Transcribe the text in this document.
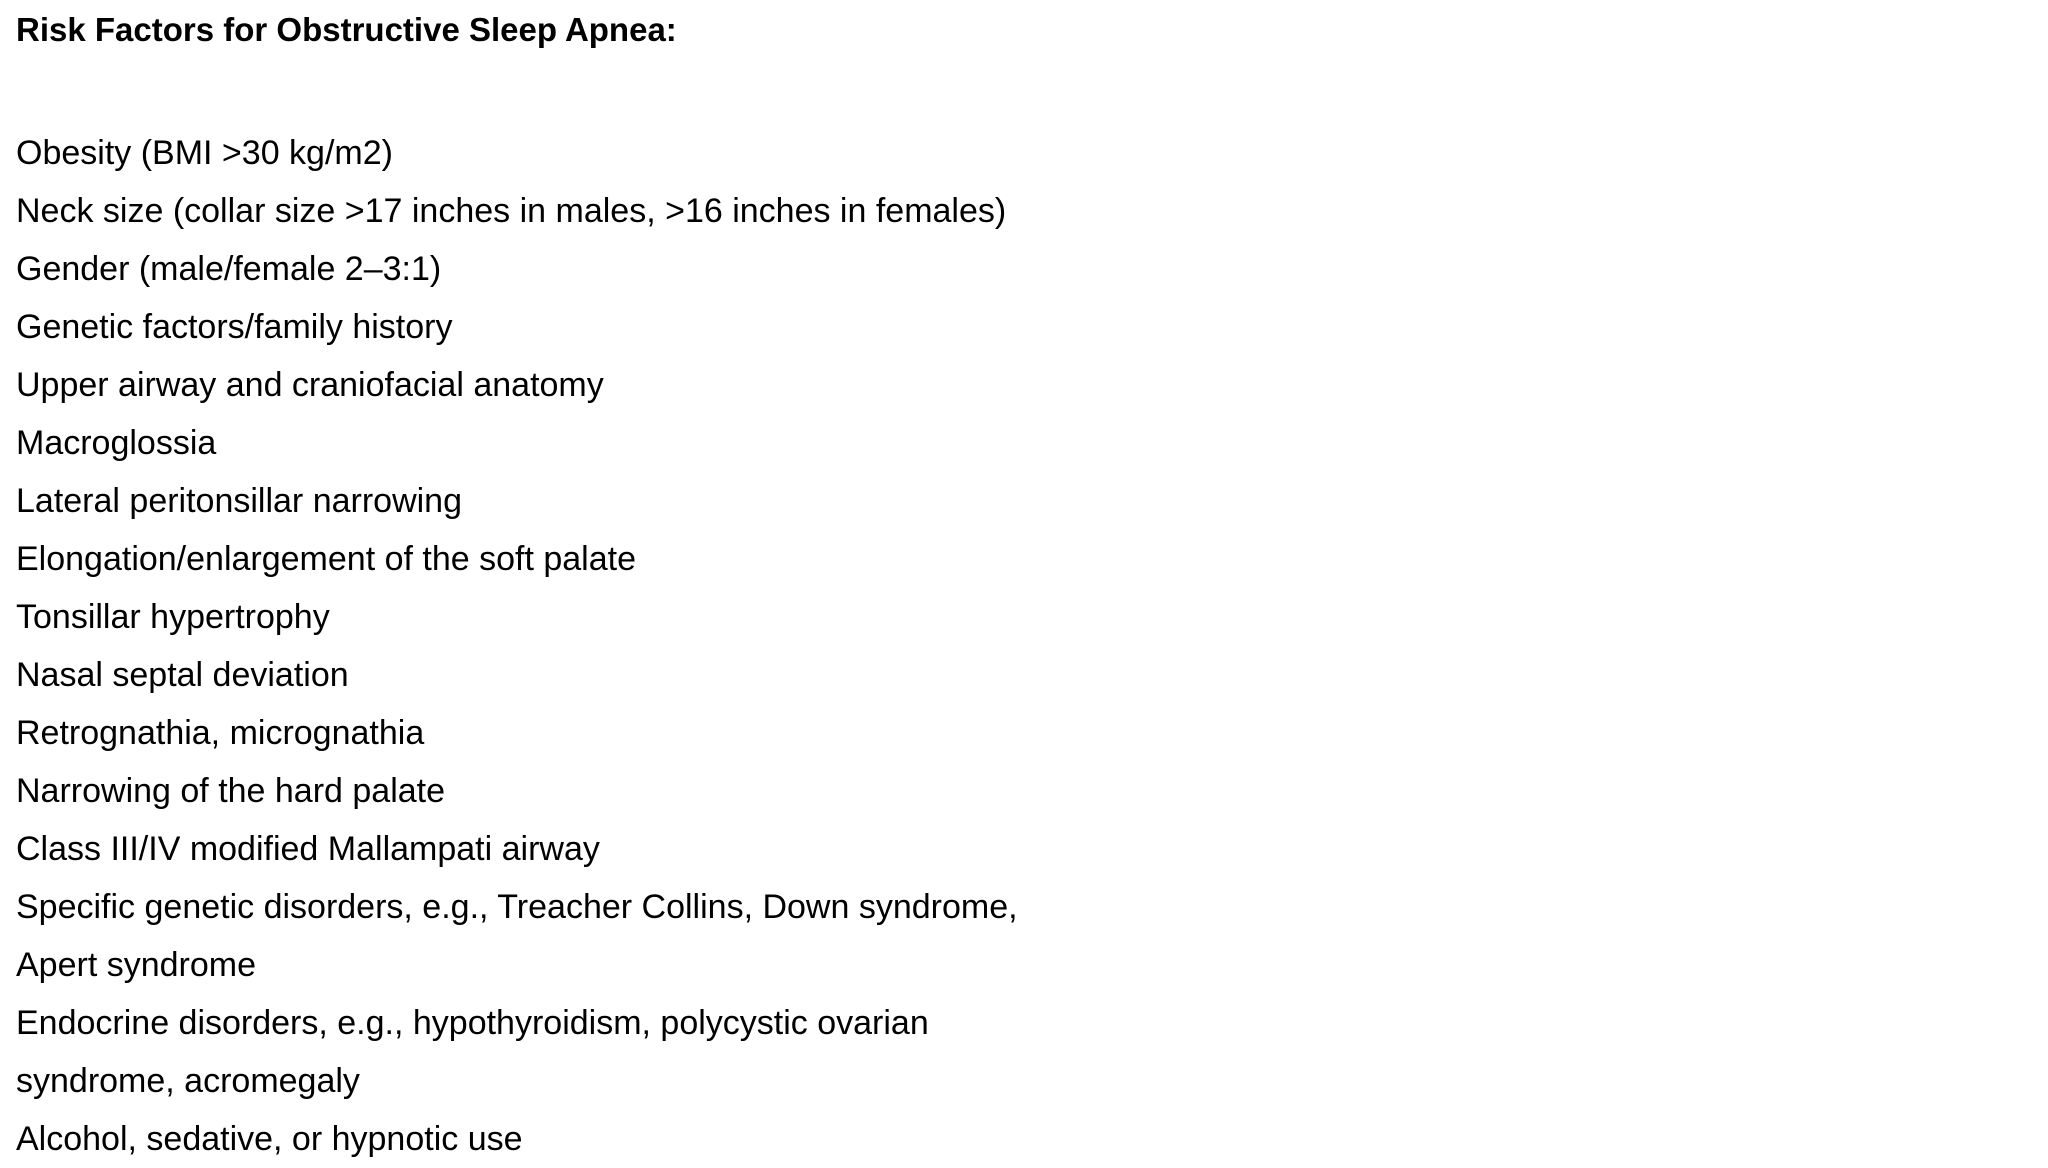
Risk Factors for Obstructive Sleep Apnea:
Obesity (BMI >30 kg/m2)
Neck size (collar size >17 inches in males, >16 inches in females)
Gender (male/female 2–3:1)
Genetic factors/family history
Upper airway and craniofacial anatomy
Macroglossia
Lateral peritonsillar narrowing
Elongation/enlargement of the soft palate
Tonsillar hypertrophy
Nasal septal deviation
Retrognathia, micrognathia
Narrowing of the hard palate
Class III/IV modified Mallampati airway
Specific genetic disorders, e.g., Treacher Collins, Down syndrome,
Apert syndrome
Endocrine disorders, e.g., hypothyroidism, polycystic ovarian
syndrome, acromegaly
Alcohol, sedative, or hypnotic use
